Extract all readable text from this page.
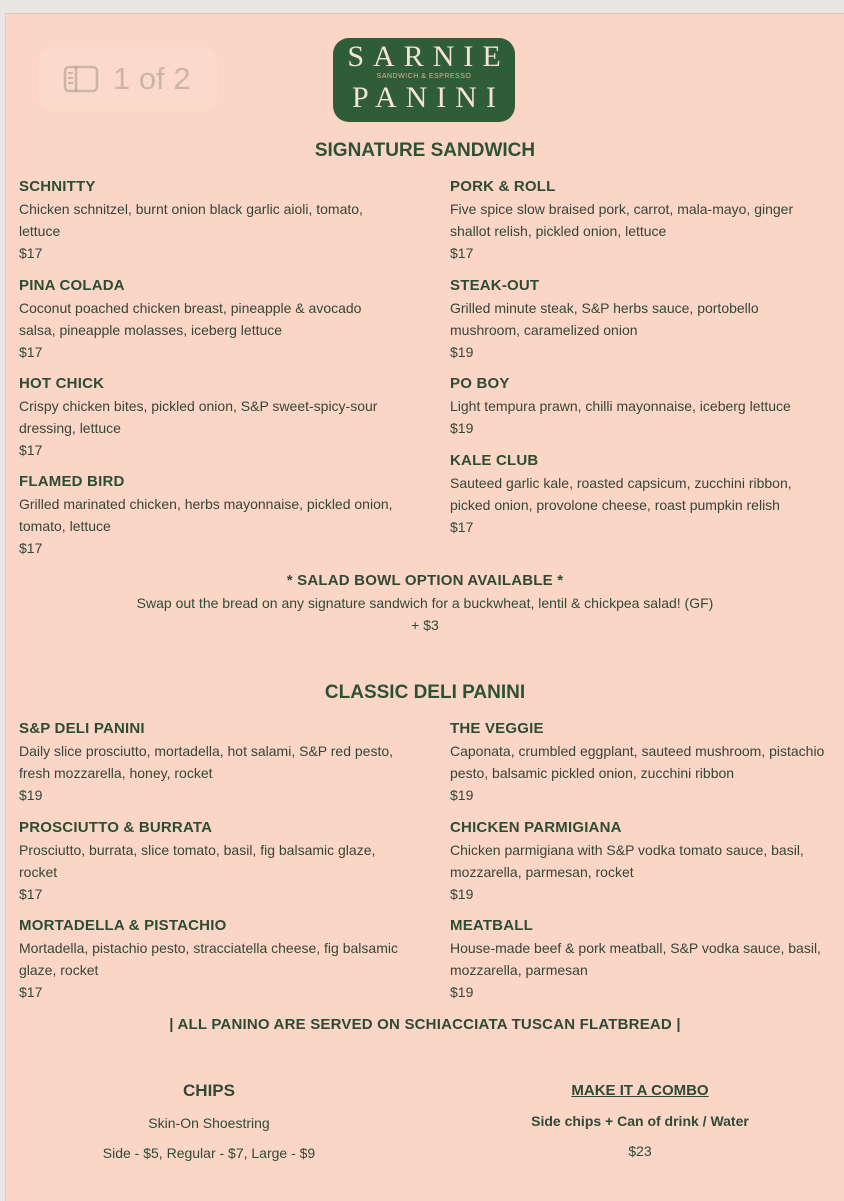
1 of 2
SARNIE
SANDWICH & ESPRESSO
PANINI
SIGNATURE SANDWICH
SCHNITTY
Chicken schnitzel, burnt onion black garlic aioli, tomato, lettuce
$17
PINA COLADA
Coconut poached chicken breast, pineapple & avocado salsa, pineapple molasses, iceberg lettuce
$17
HOT CHICK
Crispy chicken bites, pickled onion, S&P sweet-spicy-sour dressing, lettuce
$17
FLAMED BIRD
Grilled marinated chicken, herbs mayonnaise, pickled onion, tomato, lettuce
$17
PORK & ROLL
Five spice slow braised pork, carrot, mala-mayo, ginger shallot relish, pickled onion, lettuce
$17
STEAK-OUT
Grilled minute steak, S&P herbs sauce, portobello mushroom, caramelized onion
$19
PO BOY
Light tempura prawn, chilli mayonnaise, iceberg lettuce
$19
KALE CLUB
Sauteed garlic kale, roasted capsicum, zucchini ribbon, picked onion, provolone cheese, roast pumpkin relish
$17
* SALAD BOWL OPTION AVAILABLE *
Swap out the bread on any signature sandwich for a buckwheat, lentil & chickpea salad! (GF)
+ $3
CLASSIC DELI PANINI
S&P DELI PANINI
Daily slice prosciutto, mortadella, hot salami, S&P red pesto, fresh mozzarella, honey, rocket
$19
PROSCIUTTO & BURRATA
Prosciutto, burrata, slice tomato, basil, fig balsamic glaze, rocket
$17
MORTADELLA & PISTACHIO
Mortadella, pistachio pesto, stracciatella cheese, fig balsamic glaze, rocket
$17
THE VEGGIE
Caponata, crumbled eggplant, sauteed mushroom, pistachio pesto, balsamic pickled onion, zucchini ribbon
$19
CHICKEN PARMIGIANA
Chicken parmigiana with S&P vodka tomato sauce, basil, mozzarella, parmesan, rocket
$19
MEATBALL
House-made beef & pork meatball, S&P vodka sauce, basil, mozzarella, parmesan
$19
| ALL PANINO ARE SERVED ON SCHIACCIATA TUSCAN FLATBREAD |
CHIPS
Skin-On Shoestring
Side - $5, Regular - $7, Large - $9
MAKE IT A COMBO
Side chips + Can of drink / Water
$23
